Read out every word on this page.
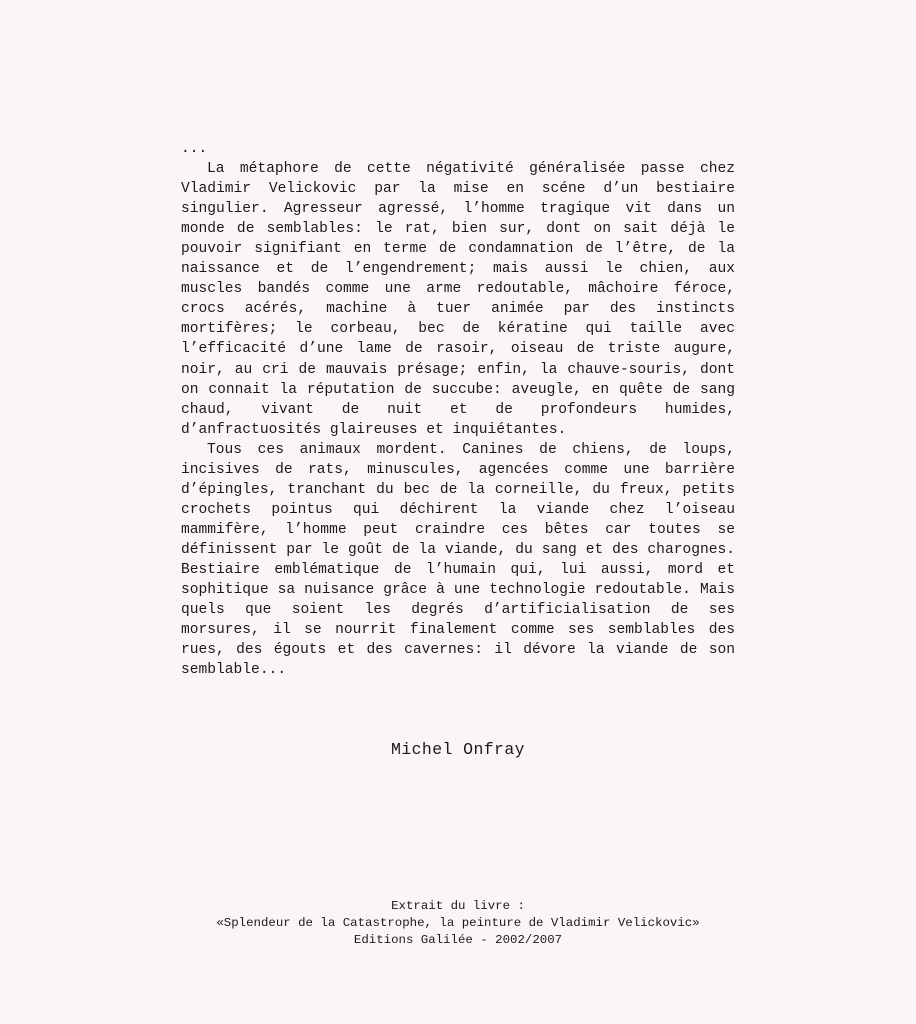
...

La métaphore de cette négativité généralisée passe chez Vladimir Velickovic par la mise en scéne d’un bestiaire singulier. Agresseur agressé, l’homme tragique vit dans un monde de semblables: le rat, bien sur, dont on sait déjà le pouvoir signifiant en terme de condamnation de l’être, de la naissance et de l’engendrement; mais aussi le chien, aux muscles bandés comme une arme redoutable, mâchoire féroce, crocs acérés, machine à tuer animée par des instincts mortifères; le corbeau, bec de kératine qui taille avec l’efficacité d’une lame de rasoir, oiseau de triste augure, noir, au cri de mauvais présage; enfin, la chauve-souris, dont on connait la réputation de succube: aveugle, en quête de sang chaud, vivant de nuit et de profondeurs humides, d’anfractuosités glaireuses et inquiétantes.

Tous ces animaux mordent. Canines de chiens, de loups, incisives de rats, minuscules, agencées comme une barrière d’épingles, tranchant du bec de la corneille, du freux, petits crochets pointus qui déchirent la viande chez l’oiseau mammifère, l’homme peut craindre ces bêtes car toutes se définissent par le goût de la viande, du sang et des charognes. Bestiaire emblématique de l’humain qui, lui aussi, mord et sophitique sa nuisance grâce à une technologie redoutable. Mais quels que soient les degrés d’artificialisation de ses morsures, il se nourrit finalement comme ses semblables des rues, des égouts et des cavernes: il dévore la viande de son semblable...

Michel Onfray
Extrait du livre :
«Splendeur de la Catastrophe, la peinture de Vladimir Velickovic»
Editions Galilée - 2002/2007
